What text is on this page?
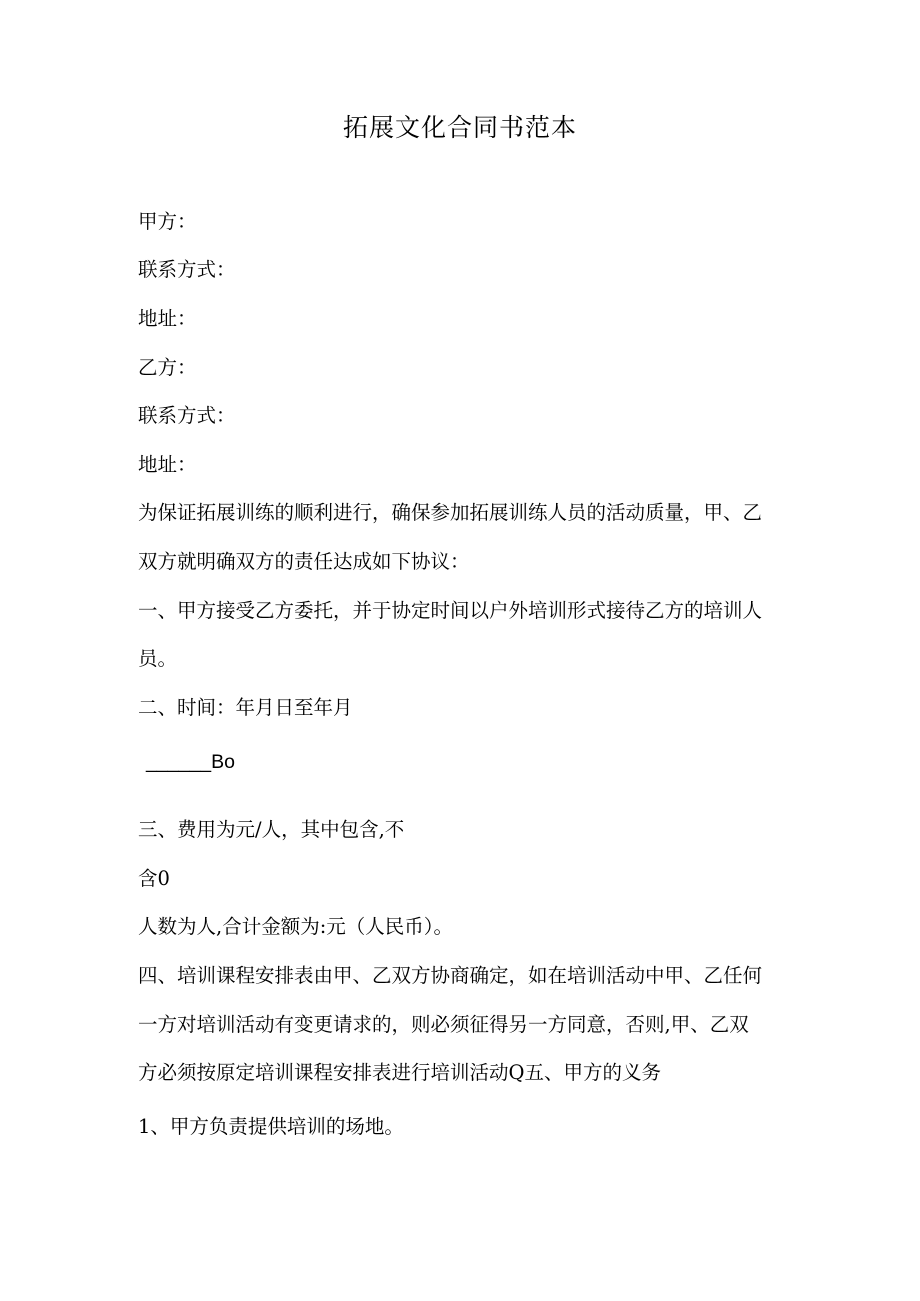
拓展文化合同书范本
甲方：
联系方式：
地址：
乙方：
联系方式：
地址：
为保证拓展训练的顺利进行，确保参加拓展训练人员的活动质量，甲、乙
双方就明确双方的责任达成如下协议：
一、甲方接受乙方委托，并于协定时间以户外培训形式接待乙方的培训人
员。
二、时间：年月日至年月
______Bo
三、费用为元/人，其中包含,不
含0
人数为人,合计金额为:元（人民币）。
四、培训课程安排表由甲、乙双方协商确定，如在培训活动中甲、乙任何
一方对培训活动有变更请求的，则必须征得另一方同意，否则,甲、乙双
方必须按原定培训课程安排表进行培训活动Q五、甲方的义务
1、甲方负责提供培训的场地。
